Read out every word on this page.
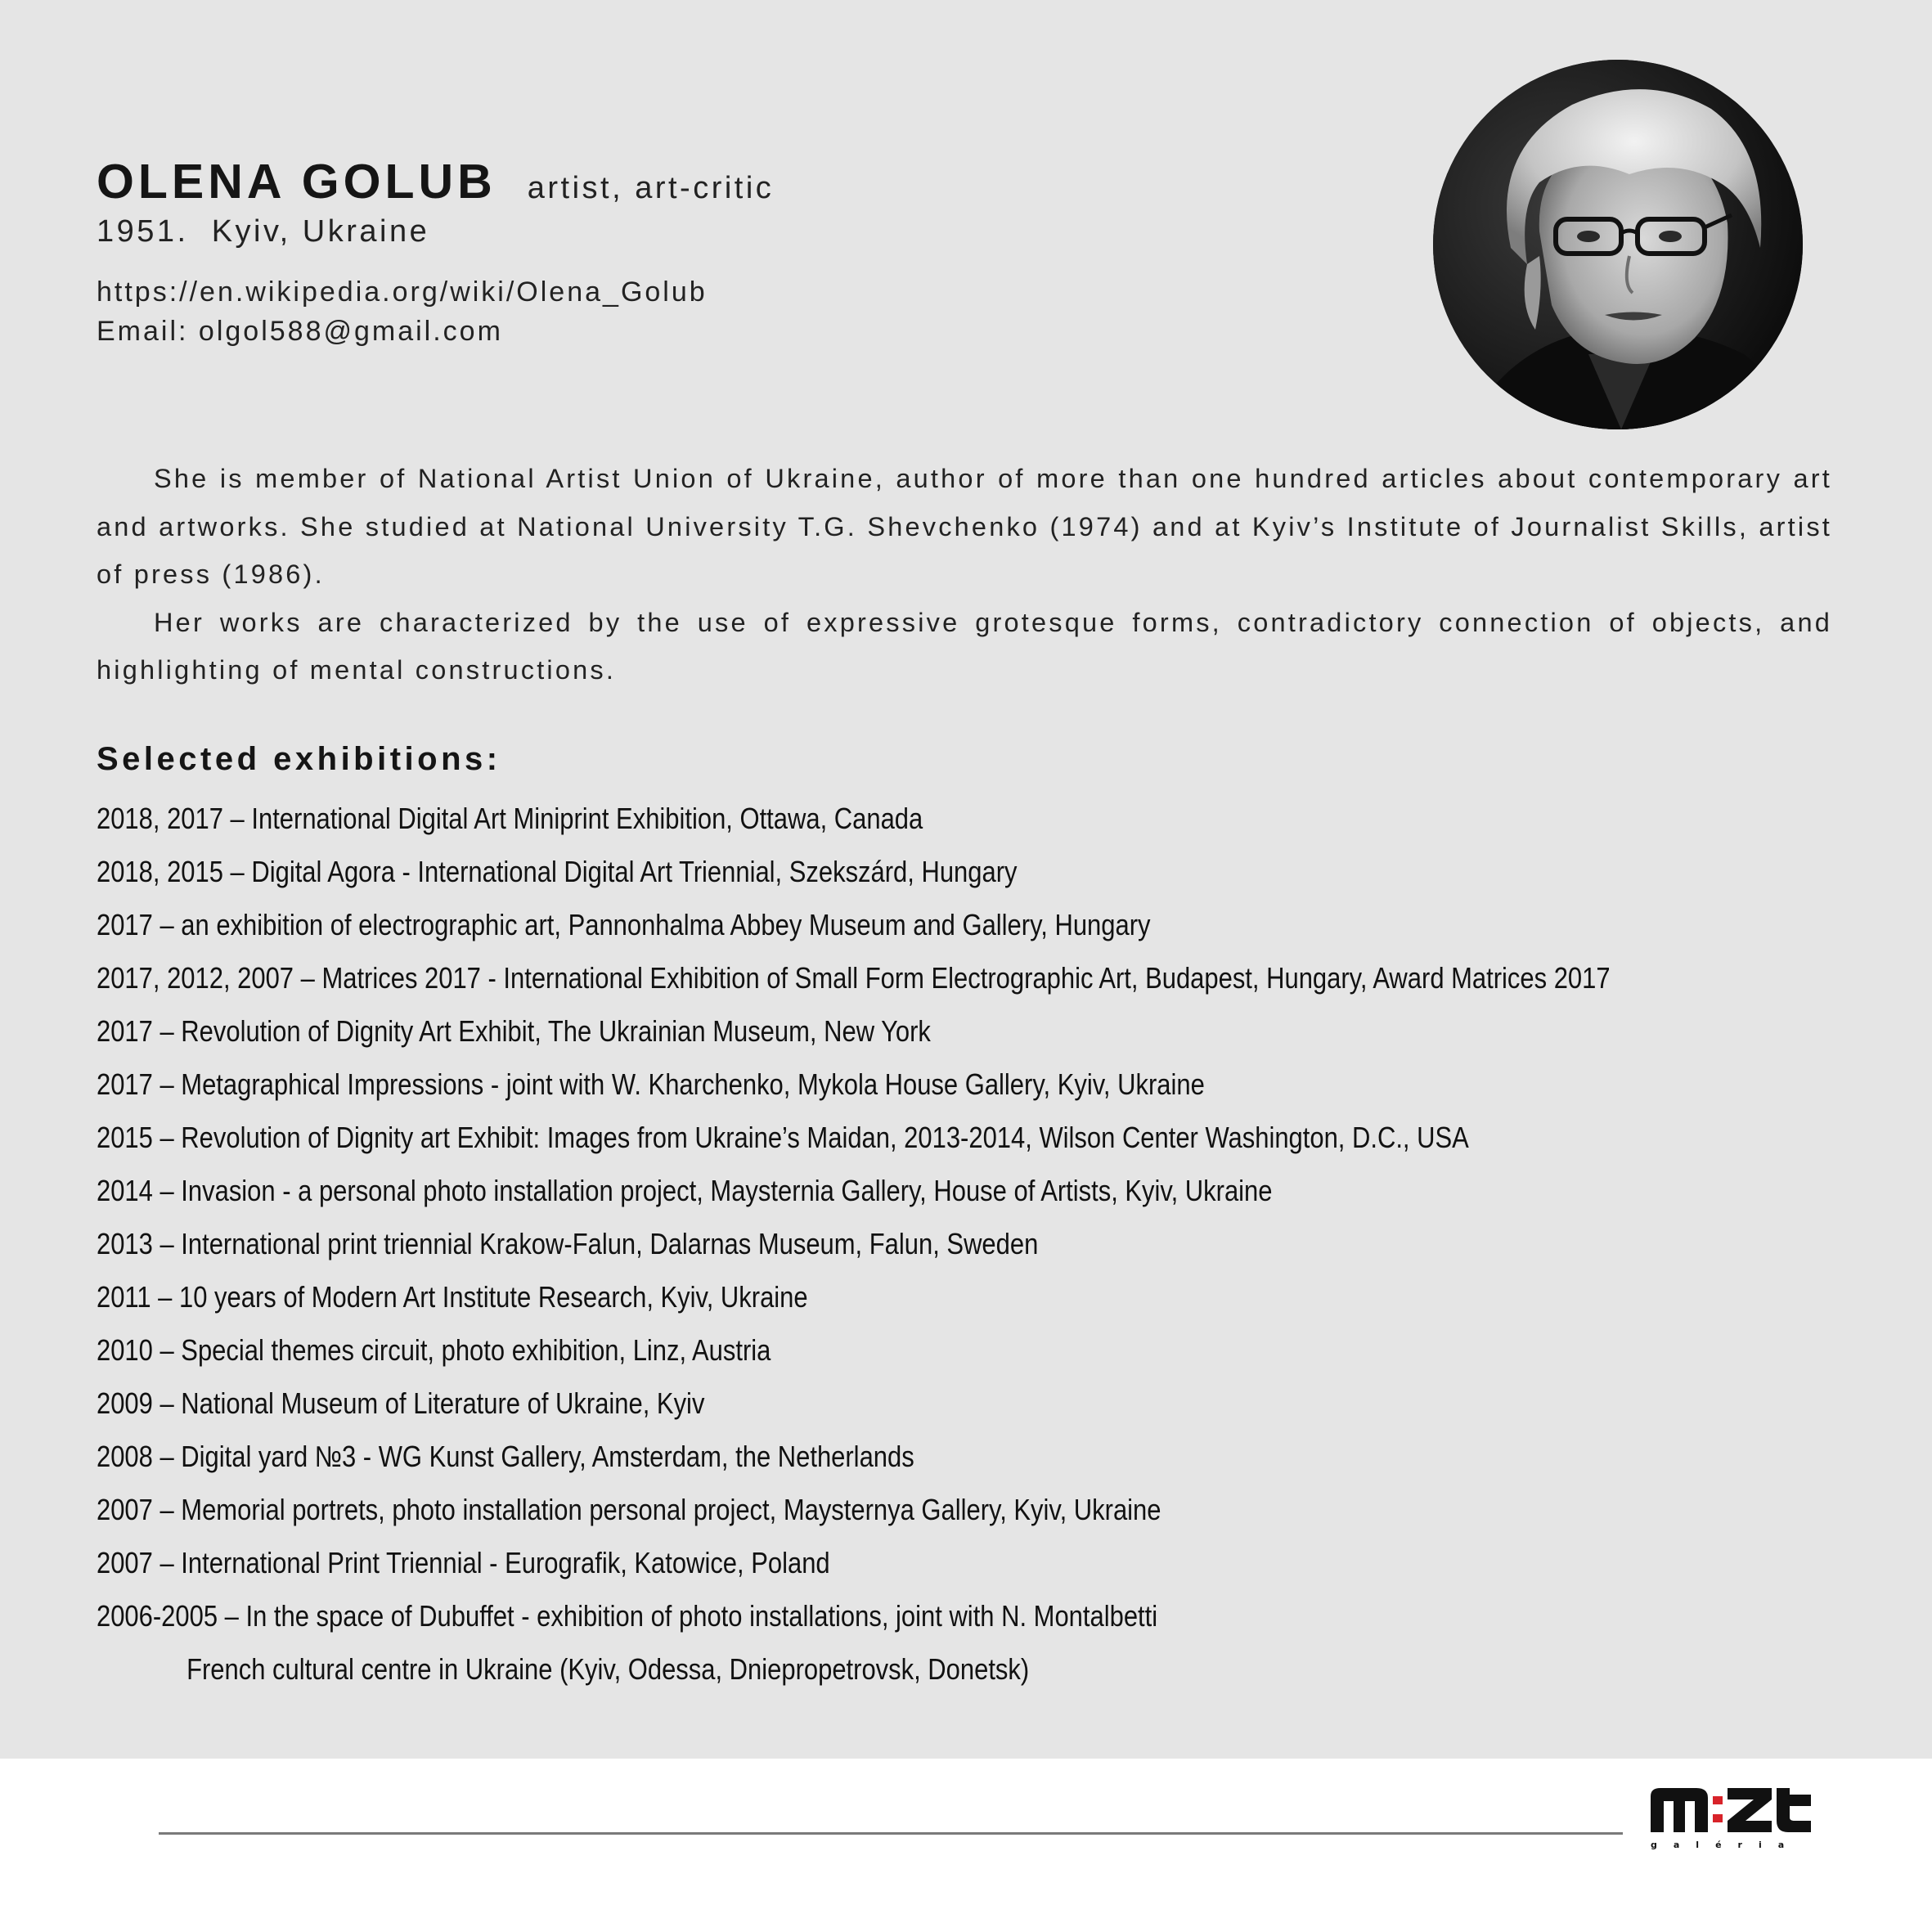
OLENA GOLUB artist, art-critic
1951.  Kyiv, Ukraine
https://en.wikipedia.org/wiki/Olena_Golub
Email: olgol588@gmail.com

She is member of National Artist Union of Ukraine, author of more than one hundred articles about contemporary art and artworks. She studied at National University T.G. Shevchenko (1974) and at Kyiv’s Institute of Journalist Skills, artist of press (1986).

Her works are characterized by the use of expressive grotesque forms, contradictory connection of objects, and highlighting of mental constructions.

Selected exhibitions:
2018, 2017 – International Digital Art Miniprint Exhibition, Ottawa, Canada
2018, 2015 – Digital Agora - International Digital Art Triennial, Szekszárd, Hungary
2017 – an exhibition of electrographic art, Pannonhalma Abbey Museum and Gallery, Hungary
2017, 2012, 2007 – Matrices 2017 - International Exhibition of Small Form Electrographic Art, Budapest, Hungary, Award Matrices 2017
2017 – Revolution of Dignity Art Exhibit, The Ukrainian Museum, New York
2017 – Metagraphical Impressions - joint with W. Kharchenko, Mykola House Gallery, Kyiv, Ukraine
2015 – Revolution of Dignity art Exhibit: Images from Ukraine’s Maidan, 2013-2014, Wilson Center Washington, D.C., USA
2014 – Invasion - a personal photo installation project, Maysternia Gallery, House of Artists, Kyiv, Ukraine
2013 – International print triennial Krakow-Falun, Dalarnas Museum, Falun, Sweden
2011 – 10 years of Modern Art Institute Research, Kyiv, Ukraine
2010 – Special themes circuit, photo exhibition, Linz, Austria
2009 – National Museum of Literature of Ukraine, Kyiv
2008 – Digital yard №3 - WG Kunst Gallery, Amsterdam, the Netherlands
2007 – Memorial portrets, photo installation personal project, Maysternya Gallery, Kyiv, Ukraine
2007 – International Print Triennial - Eurografik, Katowice, Poland
2006-2005 – In the space of Dubuffet - exhibition of photo installations, joint with N. Montalbetti
French cultural centre in Ukraine (Kyiv, Odessa, Dniepropetrovsk, Donetsk)
galéria
